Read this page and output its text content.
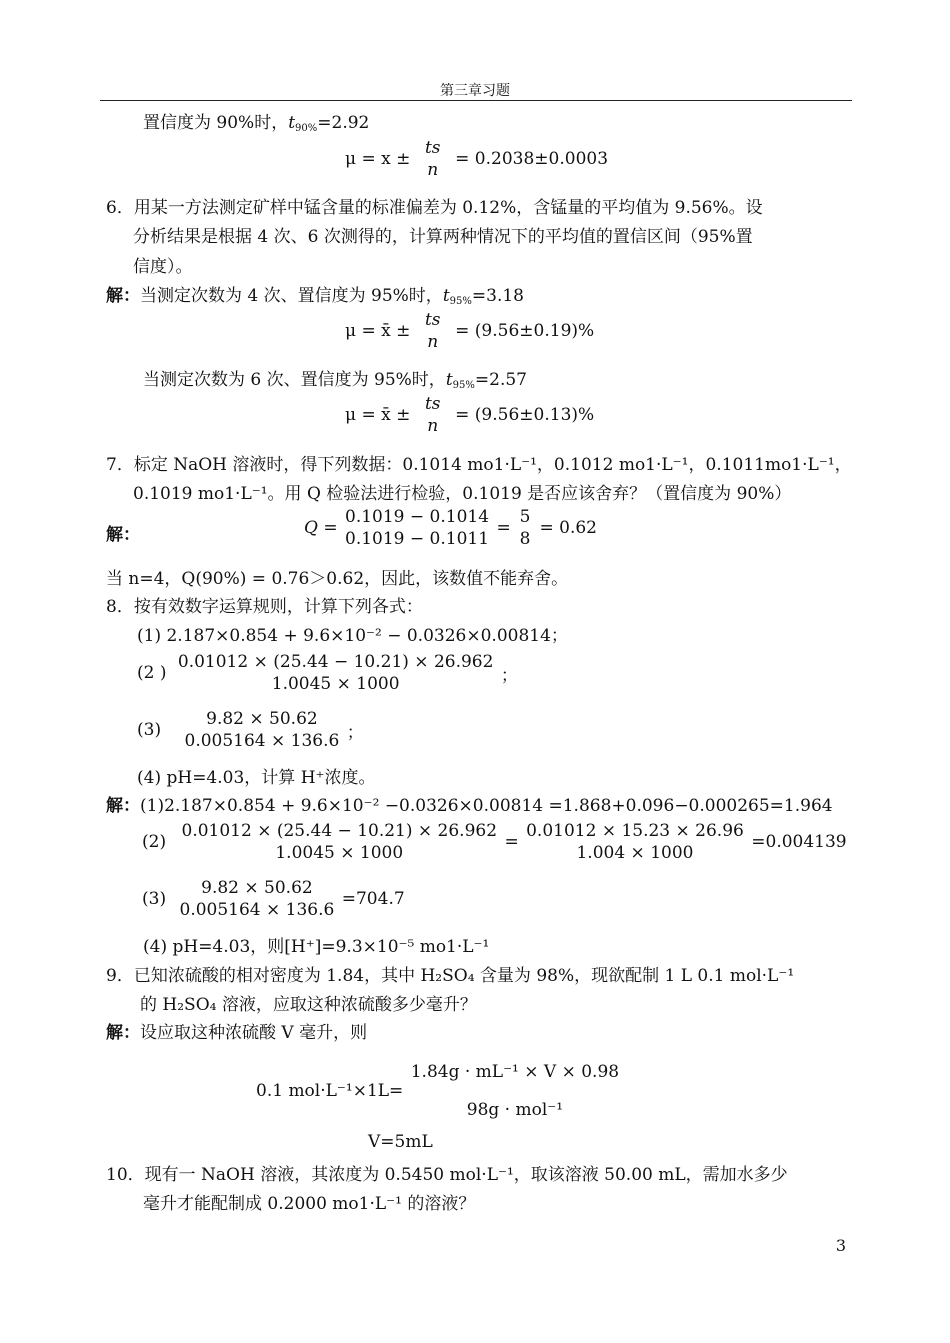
第三章习题
置信度为 90%时，$t_{90\%}=2.92$
μ = x ±
ts
n
= 0.2038±0.0003
6．用某一方法测定矿样中锰含量的标准偏差为 0.12%，含锰量的平均值为 9.56%。设
分析结果是根据 4 次、6 次测得的，计算两种情况下的平均值的置信区间（95%置
信度）。
解：当测定次数为 4 次、置信度为 95%时，$t_{95\%}=3.18$
μ = x̄ ±
ts
n
= (9.56±0.19)%
当测定次数为 6 次、置信度为 95%时，$t_{95\%}=2.57$
μ = x̄ ±
ts
n
= (9.56±0.13)%
7．标定 NaOH 溶液时，得下列数据：0.1014 mo1·L⁻¹，0.1012 mo1·L⁻¹，0.1011mo1·L⁻¹，
0.1019 mo1·L⁻¹。用 Q 检验法进行检验，0.1019 是否应该舍弃？（置信度为 90%）
解：	Q =
0.1019 − 0.1014
0.1019 − 0.1011
=
5
8
= 0.62
当 n=4，Q(90%) = 0.76＞0.62，因此，该数值不能弃舍。
8．按有效数字运算规则，计算下列各式：
(1) 2.187×0.854 + 9.6×10⁻² − 0.0326×0.00814；
(2 )
0.01012 × (25.44 − 10.21) × 26.962
1.0045 × 1000	；
(3)
9.82 × 50.62
0.005164 × 136.6 ；
(4) pH=4.03，计算 H⁺浓度。
解：(1)2.187×0.854 + 9.6×10⁻² −0.0326×0.00814 =1.868+0.096−0.000265=1.964
(2)
0.01012 × (25.44 − 10.21) × 26.962
1.0045 × 1000
=
0.01012 × 15.23 × 26.96
1.004 × 1000
=0.004139
(3)
9.82 × 50.62
0.005164 × 136.6
=704.7
(4) pH=4.03，则[H⁺]=9.3×10⁻⁵ mo1·L⁻¹
9．已知浓硫酸的相对密度为 1.84，其中 H₂SO₄ 含量为 98%，现欲配制 1 L 0.1 mol·L⁻¹
的 H₂SO₄ 溶液，应取这种浓硫酸多少毫升？
解：设应取这种浓硫酸 V 毫升，则
0.1 mol·L⁻¹×1L=
1.84g · mL⁻¹ × V × 0.98
98g · mol⁻¹
V=5mL
10．现有一 NaOH 溶液，其浓度为 0.5450 mol·L⁻¹，取该溶液 50.00 mL，需加水多少
毫升才能配制成 0.2000 mo1·L⁻¹ 的溶液？
3
